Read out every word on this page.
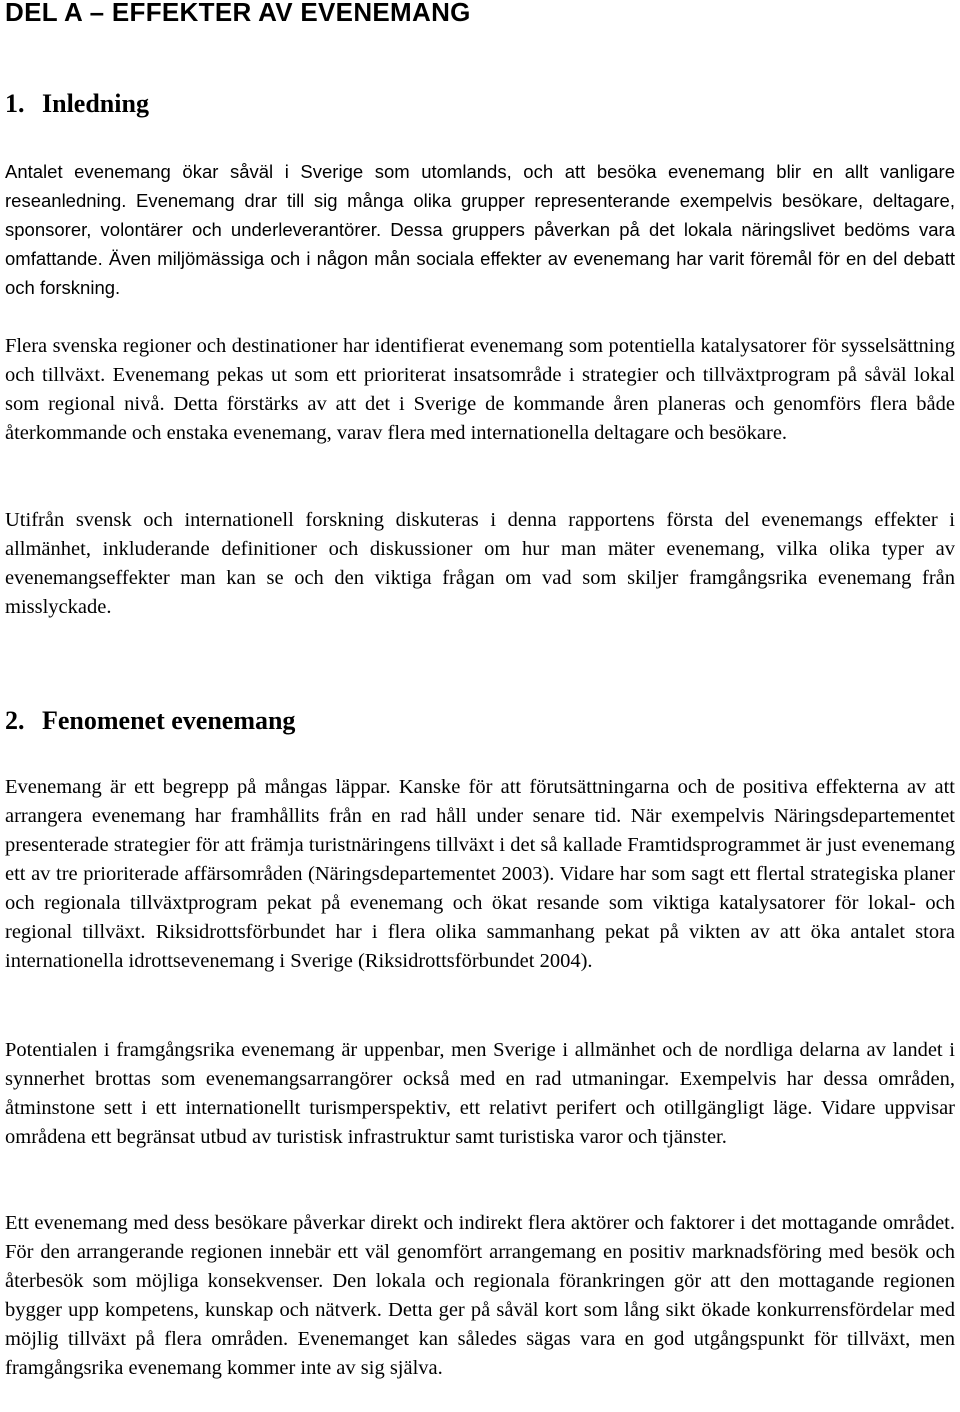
DEL A – EFFEKTER AV EVENEMANG
1. Inledning

Antalet evenemang ökar såväl i Sverige som utomlands, och att besöka evenemang blir en allt vanligare reseanledning. Evenemang drar till sig många olika grupper representerande exempelvis besökare, deltagare, sponsorer, volontärer och underleverantörer. Dessa gruppers påverkan på det lokala näringslivet bedöms vara omfattande. Även miljömässiga och i någon mån sociala effekter av evenemang har varit föremål för en del debatt och forskning.

Flera svenska regioner och destinationer har identifierat evenemang som potentiella katalysatorer för sysselsättning och tillväxt. Evenemang pekas ut som ett prioriterat insatsområde i strategier och tillväxtprogram på såväl lokal som regional nivå. Detta förstärks av att det i Sverige de kommande åren planeras och genomförs flera både återkommande och enstaka evenemang, varav flera med internationella deltagare och besökare.

Utifrån svensk och internationell forskning diskuteras i denna rapportens första del evenemangs effekter i allmänhet, inkluderande definitioner och diskussioner om hur man mäter evenemang, vilka olika typer av evenemangseffekter man kan se och den viktiga frågan om vad som skiljer framgångsrika evenemang från misslyckade.

2. Fenomenet evenemang

Evenemang är ett begrepp på mångas läppar. Kanske för att förutsättningarna och de positiva effekterna av att arrangera evenemang har framhållits från en rad håll under senare tid. När exempelvis Näringsdepartementet presenterade strategier för att främja turistnäringens tillväxt i det så kallade Framtidsprogrammet är just evenemang ett av tre prioriterade affärsområden (Näringsdepartementet 2003). Vidare har som sagt ett flertal strategiska planer och regionala tillväxtprogram pekat på evenemang och ökat resande som viktiga katalysatorer för lokal- och regional tillväxt. Riksidrottsförbundet har i flera olika sammanhang pekat på vikten av att öka antalet stora internationella idrottsevenemang i Sverige (Riksidrottsförbundet 2004).

Potentialen i framgångsrika evenemang är uppenbar, men Sverige i allmänhet och de nordliga delarna av landet i synnerhet brottas som evenemangsarrangörer också med en rad utmaningar. Exempelvis har dessa områden, åtminstone sett i ett internationellt turismperspektiv, ett relativt perifert och otillgängligt läge. Vidare uppvisar områdena ett begränsat utbud av turistisk infrastruktur samt turistiska varor och tjänster.

Ett evenemang med dess besökare påverkar direkt och indirekt flera aktörer och faktorer i det mottagande området. För den arrangerande regionen innebär ett väl genomfört arrangemang en positiv marknadsföring med besök och återbesök som möjliga konsekvenser. Den lokala och regionala förankringen gör att den mottagande regionen bygger upp kompetens, kunskap och nätverk. Detta ger på såväl kort som lång sikt ökade konkurrensfördelar med möjlig tillväxt på flera områden. Evenemanget kan således sägas vara en god utgångspunkt för tillväxt, men framgångsrika evenemang kommer inte av sig själva.
